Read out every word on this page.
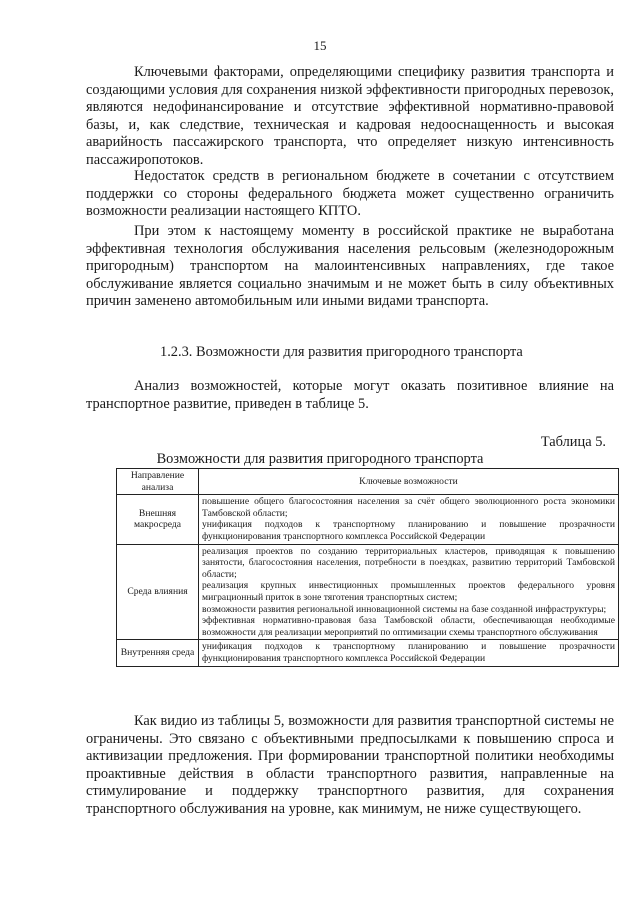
15

Ключевыми факторами, определяющими специфику развития транспорта и создающими условия для сохранения низкой эффективности пригородных перевозок, являются недофинансирование и отсутствие эффективной нормативно-правовой базы, и, как следствие, техническая и кадровая недооснащенность и высокая аварийность пассажирского транспорта, что определяет низкую интенсивность пассажиропотоков.

Недостаток средств в региональном бюджете в сочетании с отсутствием поддержки со стороны федерального бюджета может существенно ограничить возможности реализации настоящего КПТО.

При этом к настоящему моменту в российской практике не выработана эффективная технология обслуживания населения рельсовым (железнодорожным пригородным) транспортом на малоинтенсивных направлениях, где такое обслуживание является социально значимым и не может быть в силу объективных причин заменено автомобильным или иными видами транспорта.

1.2.3. Возможности для развития пригородного транспорта

Анализ возможностей, которые могут оказать позитивное влияние на транспортное развитие, приведен в таблице 5.

Таблица 5.
Возможности для развития пригородного транспорта
Направление анализа	Ключевые возможности
Внешняя макросреда	повышение общего благосостояния населения за счёт общего эволюционного роста экономики Тамбовской области;
унификация подходов к транспортному планированию и повышение прозрачности функционирования транспортного комплекса Российской Федерации

Среда влияния	реализация проектов по созданию территориальных кластеров, приводящая к повышению занятости, благосостояния населения, потребности в поездках, развитию территорий Тамбовской области;
реализация крупных инвестиционных промышленных проектов федерального уровня миграционный приток в зоне тяготения транспортных систем;
возможности развития региональной инновационной системы на базе созданной инфраструктуры;
эффективная нормативно-правовая база Тамбовской области, обеспечивающая необходимые возможности для реализации мероприятий по оптимизации схемы транспортного обслуживания

Внутренняя среда	унификация подходов к транспортному планированию и повышение прозрачности функционирования транспортного комплекса Российской Федерации

Как видио из таблицы 5, возможности для развития транспортной системы не ограничены. Это связано с объективными предпосылками к повышению спроса и активизации предложения. При формировании транспортной политики необходимы проактивные действия в области транспортного развития, направленные на стимулирование и поддержку транспортного развития, для сохранения транспортного обслуживания на уровне, как минимум, не ниже существующего.
